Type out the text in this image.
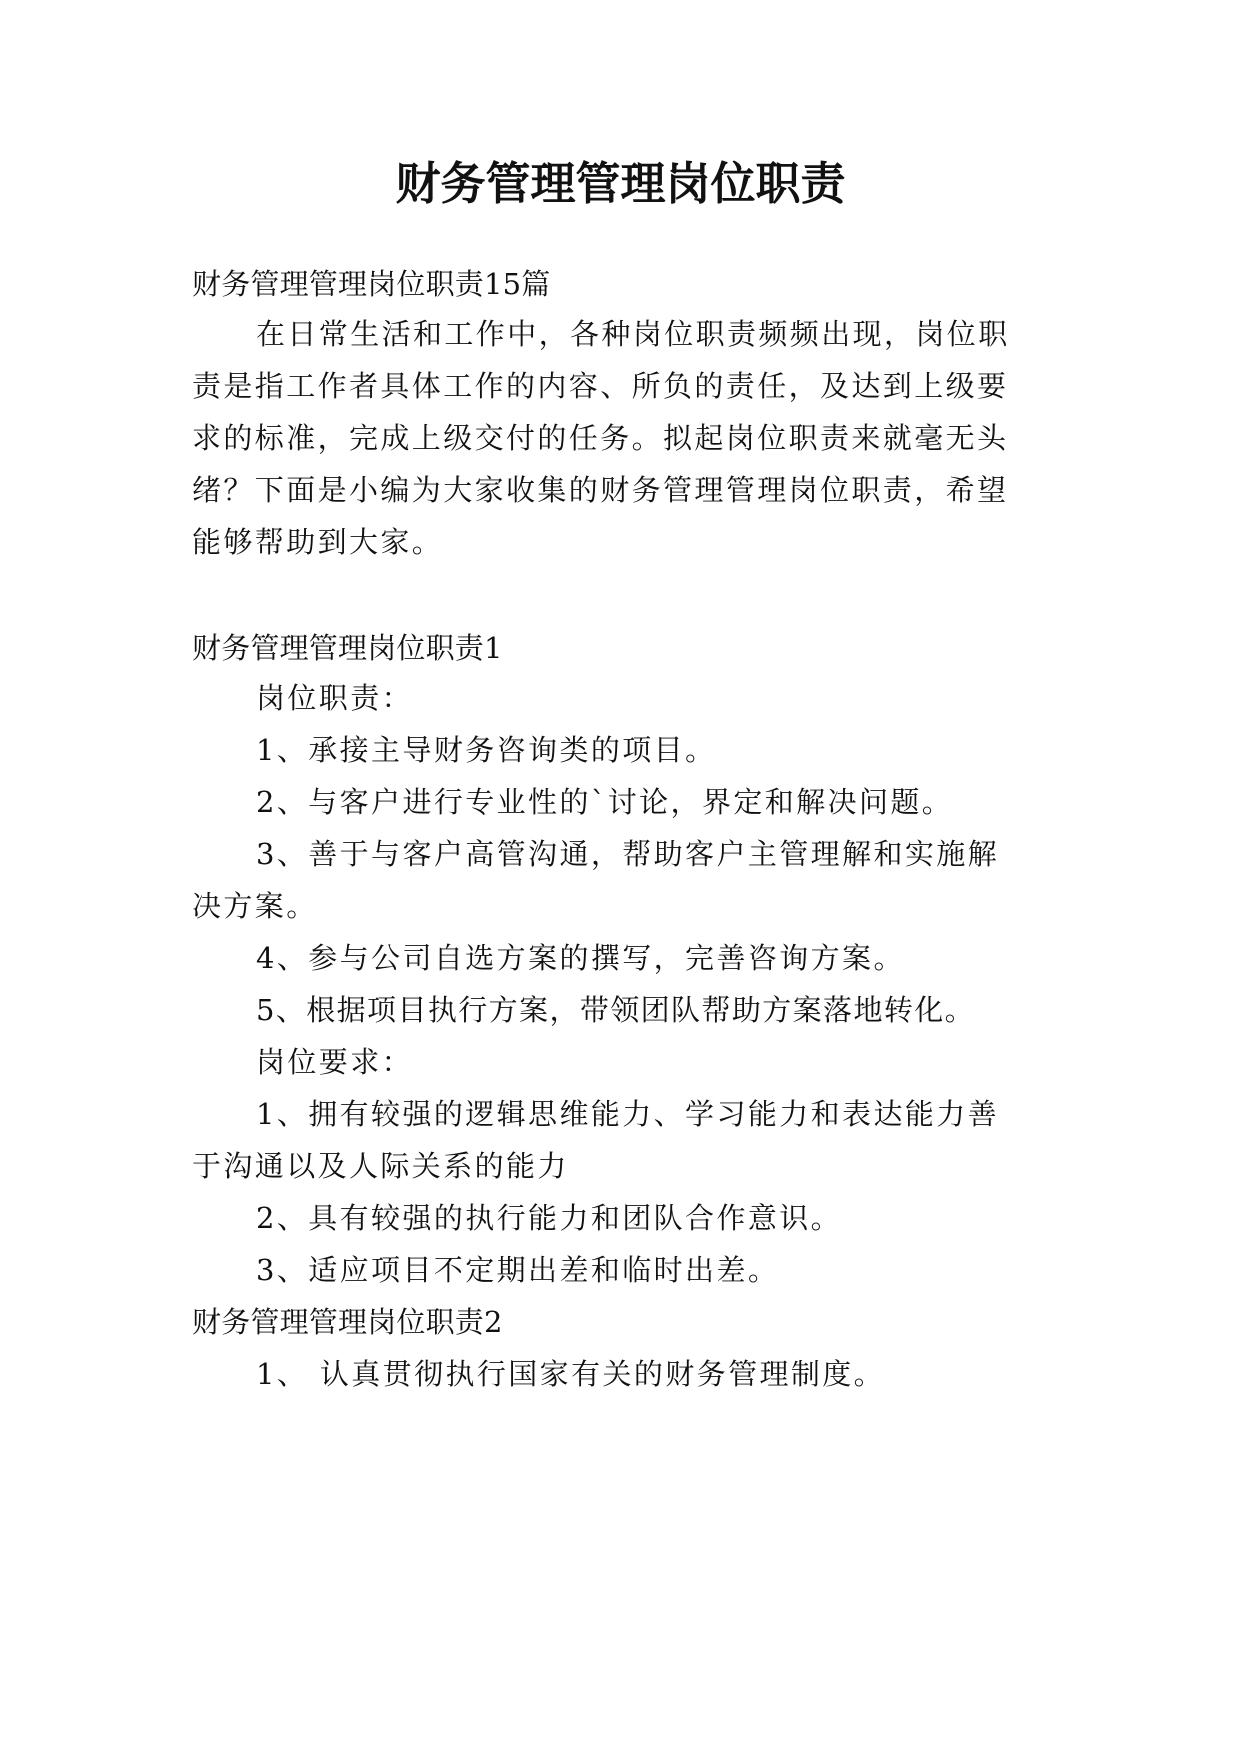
财务管理管理岗位职责
财务管理管理岗位职责15篇
在日常生活和工作中，各种岗位职责频频出现，岗位职
责是指工作者具体工作的内容、所负的责任，及达到上级要
求的标准，完成上级交付的任务。拟起岗位职责来就毫无头
绪？下面是小编为大家收集的财务管理管理岗位职责，希望
能够帮助到大家。
财务管理管理岗位职责1
岗位职责：
1、承接主导财务咨询类的项目。
2、与客户进行专业性的`讨论，界定和解决问题。
3、善于与客户高管沟通，帮助客户主管理解和实施解
决方案。
4、参与公司自选方案的撰写，完善咨询方案。
5、根据项目执行方案，带领团队帮助方案落地转化。
岗位要求：
1、拥有较强的逻辑思维能力、学习能力和表达能力善
于沟通以及人际关系的能力
2、具有较强的执行能力和团队合作意识。
3、适应项目不定期出差和临时出差。
财务管理管理岗位职责2
1、 认真贯彻执行国家有关的财务管理制度。
